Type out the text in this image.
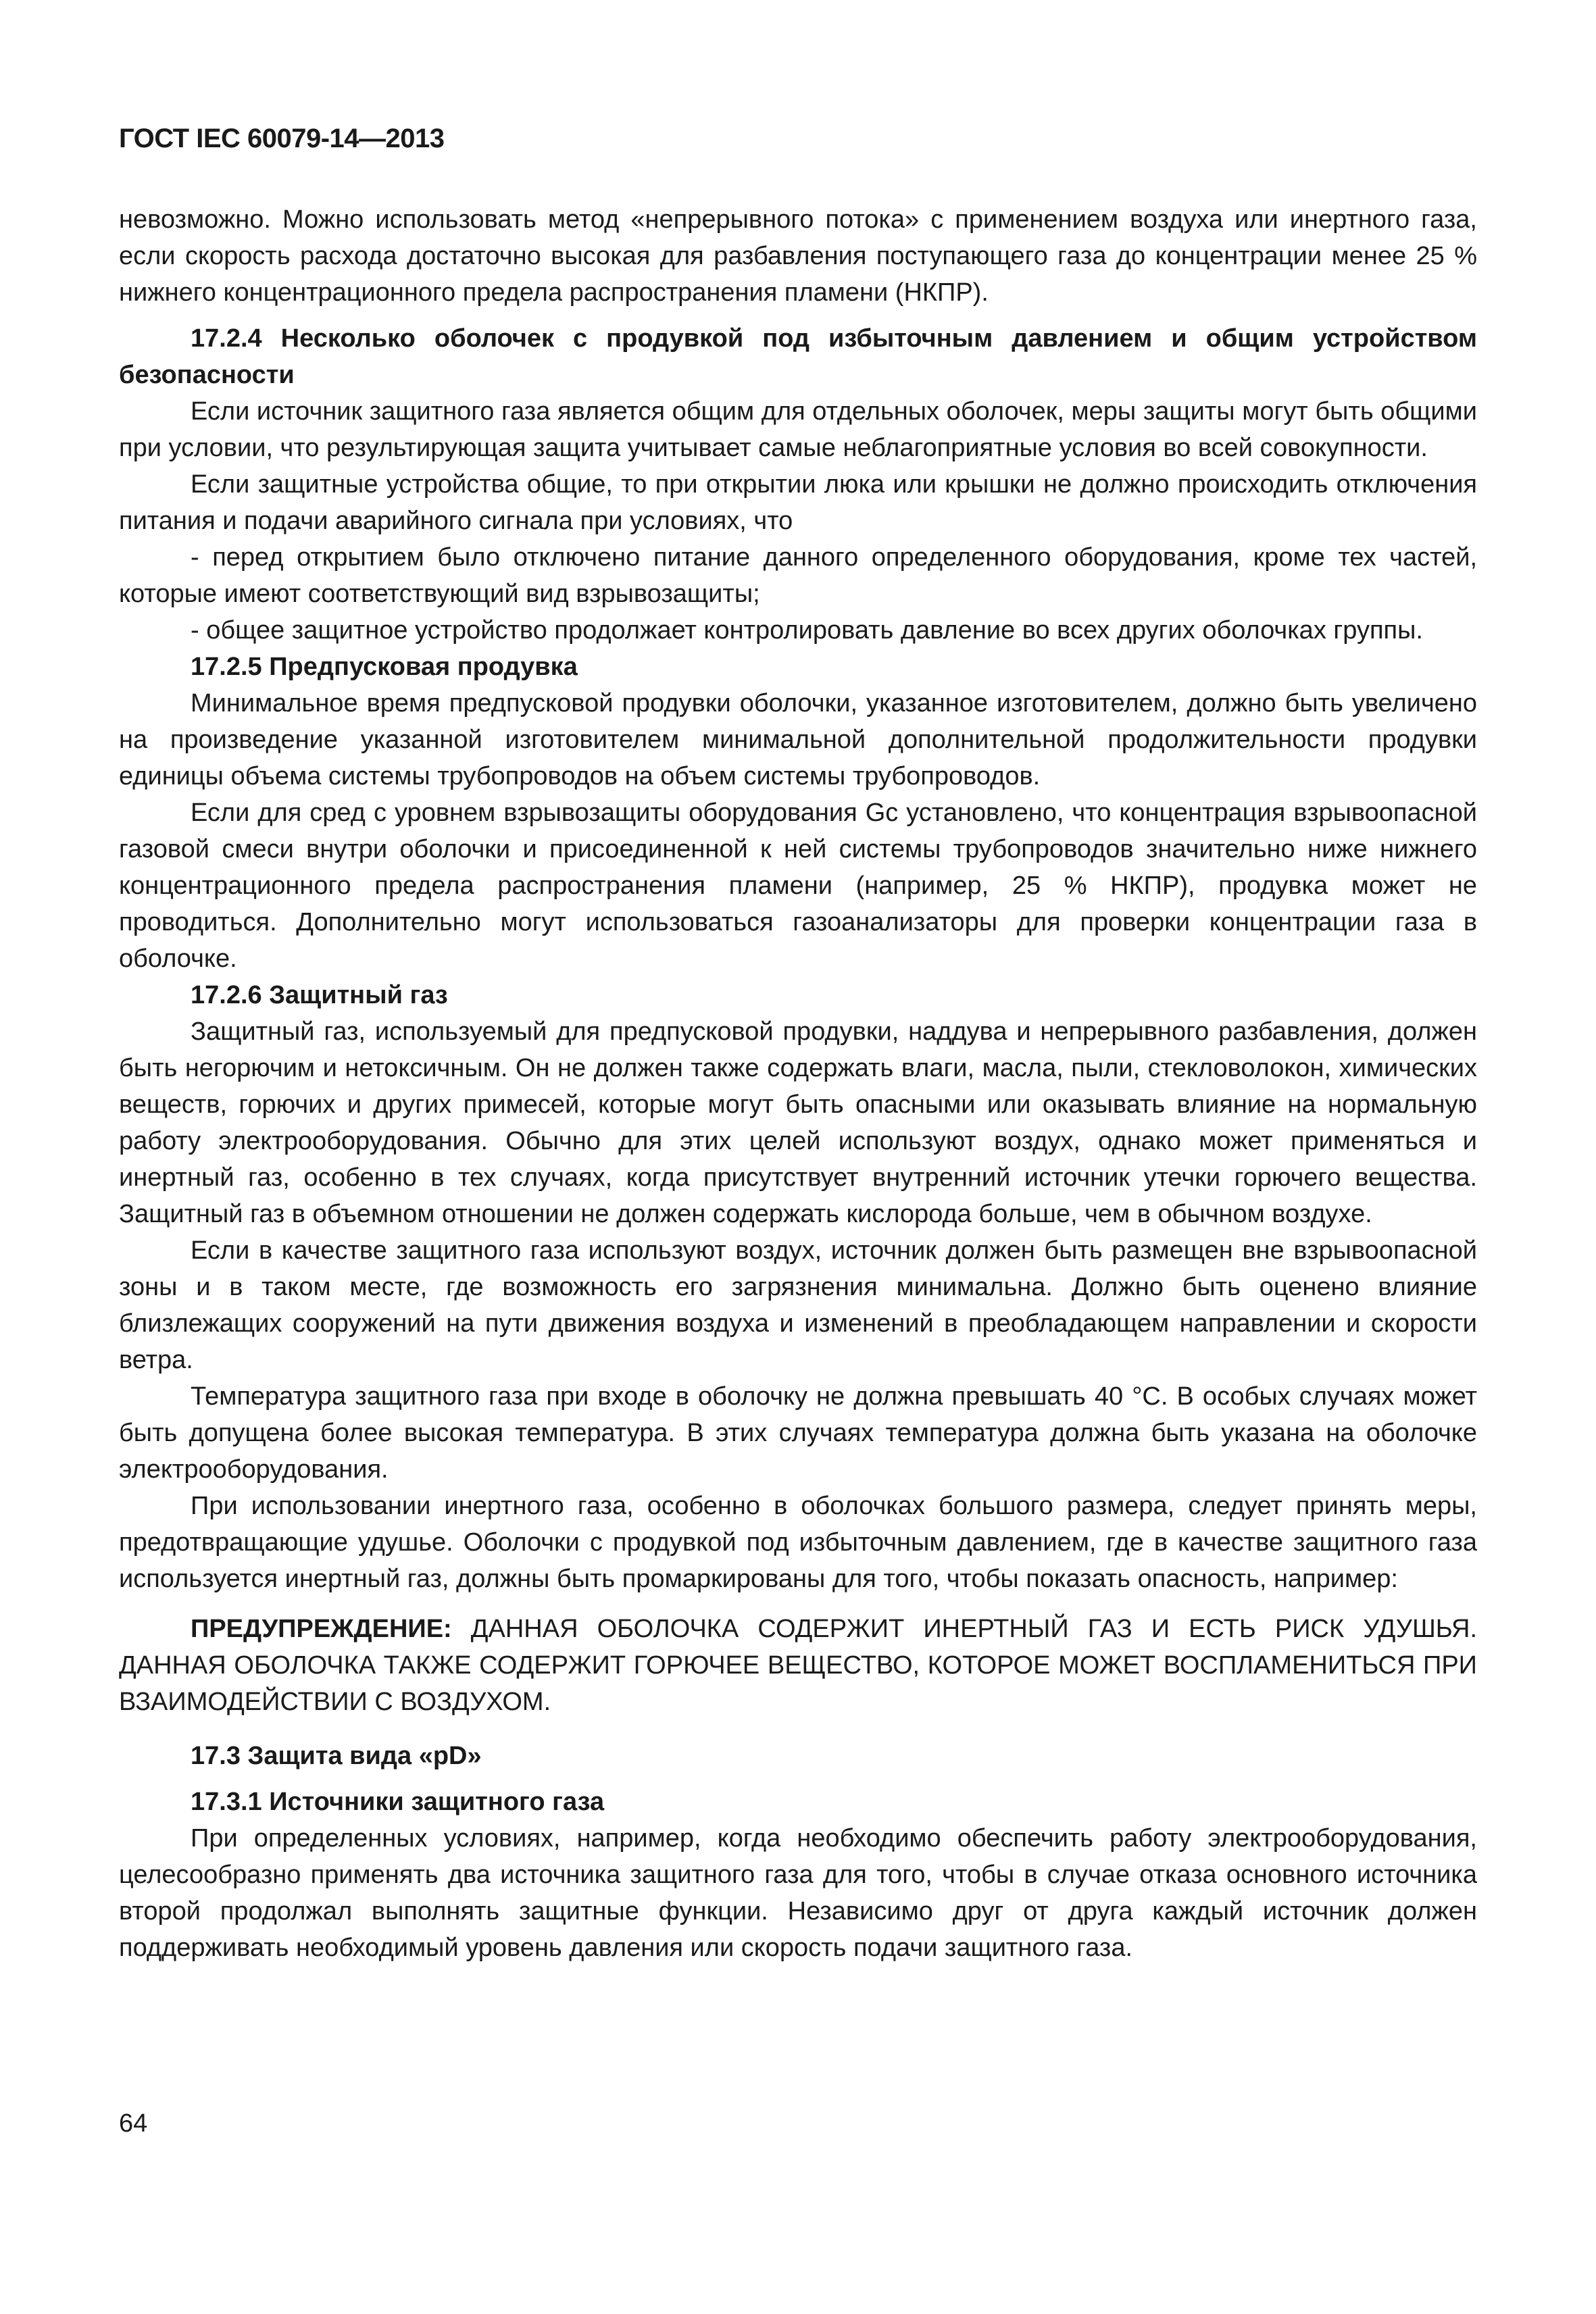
ГОСТ IEC 60079-14—2013

невозможно. Можно использовать метод «непрерывного потока» с применением воздуха или инертного газа, если скорость расхода достаточно высокая для разбавления поступающего газа до концентрации менее 25 % нижнего концентрационного предела распространения пламени (НКПР).

17.2.4 Несколько оболочек с продувкой под избыточным давлением и общим устройством безопасности

Если источник защитного газа является общим для отдельных оболочек, меры защиты могут быть общими при условии, что результирующая защита учитывает самые неблагоприятные условия во всей совокупности.

Если защитные устройства общие, то при открытии люка или крышки не должно происходить отключения питания и подачи аварийного сигнала при условиях, что

- перед открытием было отключено питание данного определенного оборудования, кроме тех частей, которые имеют соответствующий вид взрывозащиты;

- общее защитное устройство продолжает контролировать давление во всех других оболочках группы.

17.2.5 Предпусковая продувка

Минимальное время предпусковой продувки оболочки, указанное изготовителем, должно быть увеличено на произведение указанной изготовителем минимальной дополнительной продолжительности продувки единицы объема системы трубопроводов на объем системы трубопроводов.

Если для сред с уровнем взрывозащиты оборудования Gc установлено, что концентрация взрывоопасной газовой смеси внутри оболочки и присоединенной к ней системы трубопроводов значительно ниже нижнего концентрационного предела распространения пламени (например, 25 % НКПР), продувка может не проводиться. Дополнительно могут использоваться газоанализаторы для проверки концентрации газа в оболочке.

17.2.6 Защитный газ

Защитный газ, используемый для предпусковой продувки, наддува и непрерывного разбавления, должен быть негорючим и нетоксичным. Он не должен также содержать влаги, масла, пыли, стекловолокон, химических веществ, горючих и других примесей, которые могут быть опасными или оказывать влияние на нормальную работу электрооборудования. Обычно для этих целей используют воздух, однако может применяться и инертный газ, особенно в тех случаях, когда присутствует внутренний источник утечки горючего вещества. Защитный газ в объемном отношении не должен содержать кислорода больше, чем в обычном воздухе.

Если в качестве защитного газа используют воздух, источник должен быть размещен вне взрывоопасной зоны и в таком месте, где возможность его загрязнения минимальна. Должно быть оценено влияние близлежащих сооружений на пути движения воздуха и изменений в преобладающем направлении и скорости ветра.

Температура защитного газа при входе в оболочку не должна превышать 40 °С. В особых случаях может быть допущена более высокая температура. В этих случаях температура должна быть указана на оболочке электрооборудования.

При использовании инертного газа, особенно в оболочках большого размера, следует принять меры, предотвращающие удушье. Оболочки с продувкой под избыточным давлением, где в качестве защитного газа используется инертный газ, должны быть промаркированы для того, чтобы показать опасность, например:

ПРЕДУПРЕЖДЕНИЕ: ДАННАЯ ОБОЛОЧКА СОДЕРЖИТ ИНЕРТНЫЙ ГАЗ И ЕСТЬ РИСК УДУШЬЯ. ДАННАЯ ОБОЛОЧКА ТАКЖЕ СОДЕРЖИТ ГОРЮЧЕЕ ВЕЩЕСТВО, КОТОРОЕ МОЖЕТ ВОСПЛАМЕНИТЬСЯ ПРИ ВЗАИМОДЕЙСТВИИ С ВОЗДУХОМ.

17.3 Защита вида «pD»

17.3.1 Источники защитного газа

При определенных условиях, например, когда необходимо обеспечить работу электрооборудования, целесообразно применять два источника защитного газа для того, чтобы в случае отказа основного источника второй продолжал выполнять защитные функции. Независимо друг от друга каждый источник должен поддерживать необходимый уровень давления или скорость подачи защитного газа.

64
